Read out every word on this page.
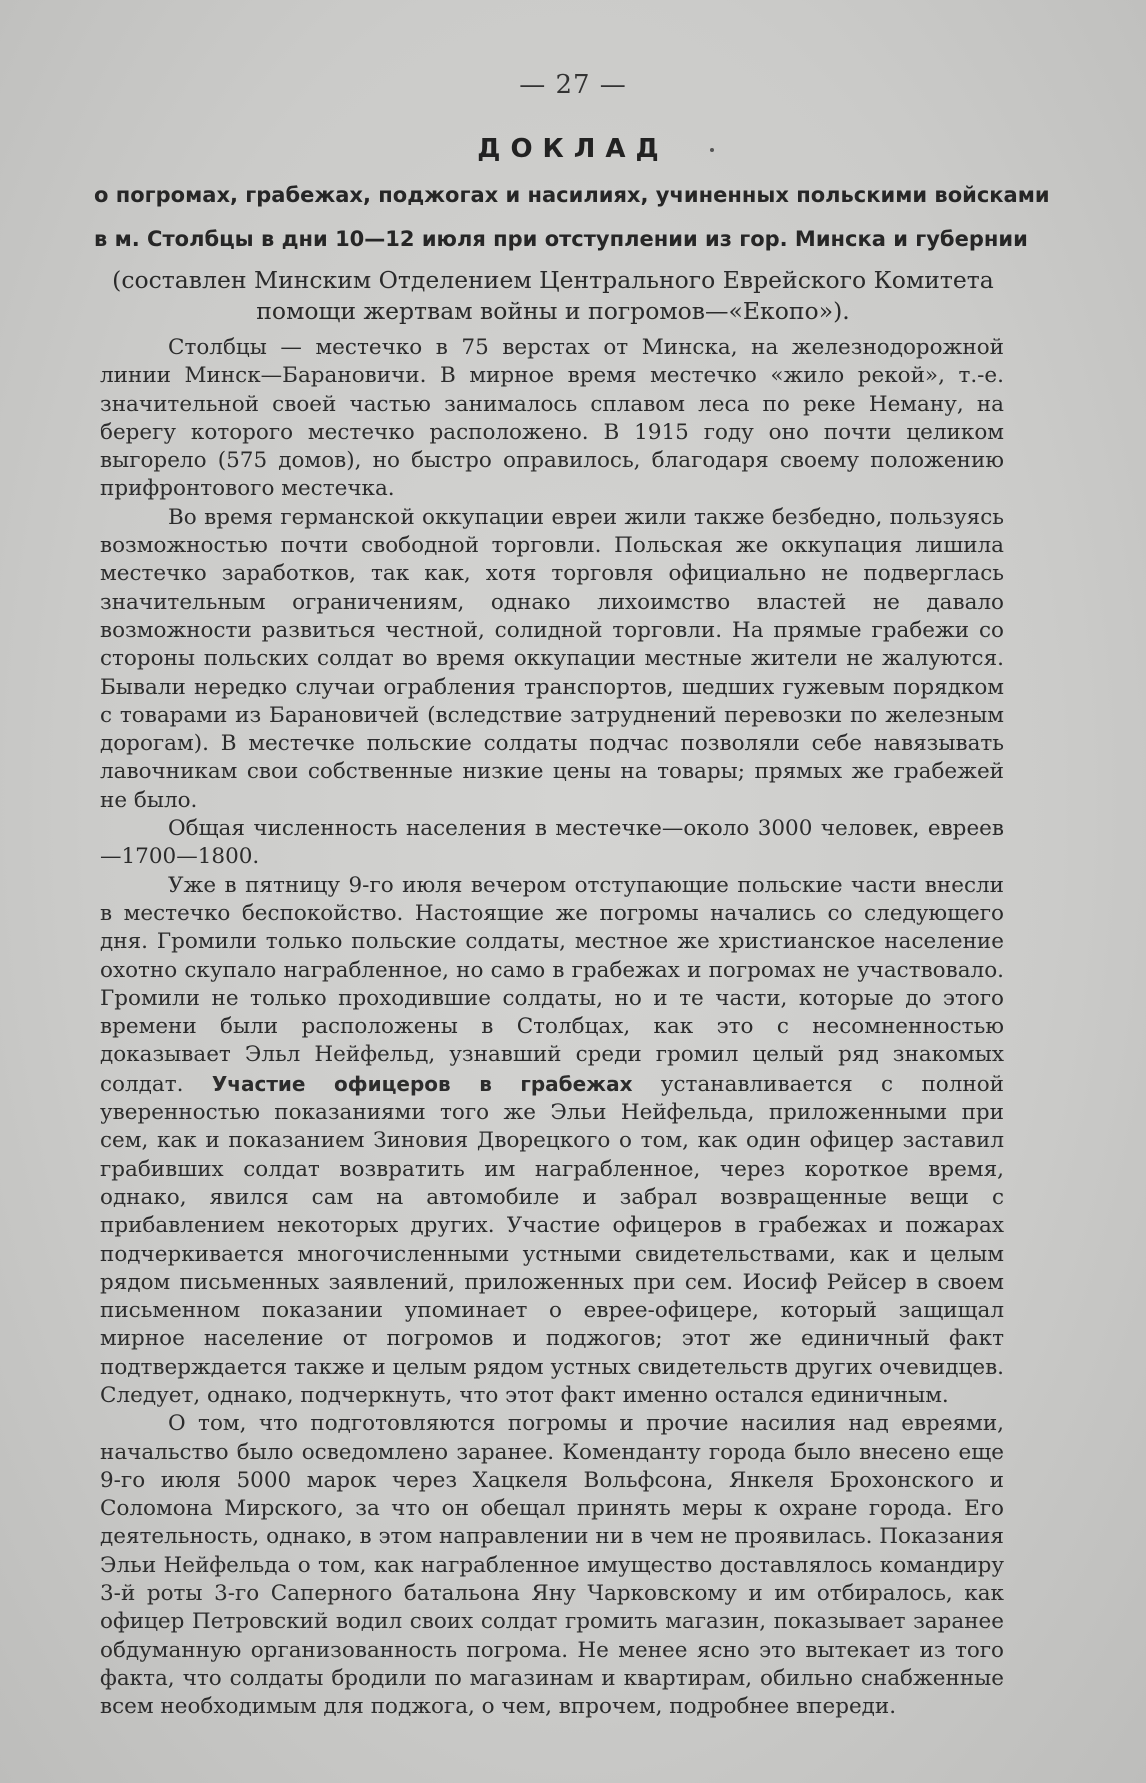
— 27 —
ДОКЛАД
о погромах, грабежах, поджогах и насилиях, учиненных польскими войсками
в м. Столбцы в дни 10—12 июля при отступлении из гор. Минска и губернии
(составлен Минским Отделением Центрального Еврейского Комитета помощи жертвам войны и погромов—«Екопо»).

Столбцы — местечко в 75 верстах от Минска, на железнодорожной линии Минск—Барановичи. В мирное время местечко «жило рекой», т.-е. значительной своей частью занималось сплавом леса по реке Неману, на берегу которого местечко расположено. В 1915 году оно почти целиком выгорело (575 домов), но быстро оправилось, благодаря своему положению прифронтового местечка.

Во время германской оккупации евреи жили также безбедно, пользуясь возможностью почти свободной торговли. Польская же оккупация лишила местечко заработков, так как, хотя торговля официально не подверглась значительным ограничениям, однако лихоимство властей не давало возможности развиться честной, солидной торговли. На прямые грабежи со стороны польских солдат во время оккупации местные жители не жалуются. Бывали нередко случаи ограбления транспортов, шедших гужевым порядком с товарами из Барановичей (вследствие затруднений перевозки по железным дорогам). В местечке польские солдаты подчас позволяли себе навязывать лавочникам свои собственные низкие цены на товары; прямых же грабежей не было.

Общая численность населения в местечке—около 3000 человек, евреев—1700—1800.

Уже в пятницу 9-го июля вечером отступающие польские части внесли в местечко беспокойство. Настоящие же погромы начались со следующего дня. Громили только польские солдаты, местное же христианское население охотно скупало награбленное, но само в грабежах и погромах не участвовало. Громили не только проходившие солдаты, но и те части, которые до этого времени были расположены в Столбцах, как это с несомненностью доказывает Эльл Нейфельд, узнавший среди громил целый ряд знакомых солдат. Участие офицеров в грабежах устанавливается с полной уверенностью показаниями того же Эльи Нейфельда, приложенными при сем, как и показанием Зиновия Дворецкого о том, как один офицер заставил грабивших солдат возвратить им награбленное, через короткое время, однако, явился сам на автомобиле и забрал возвращенные вещи с прибавлением некоторых других. Участие офицеров в грабежах и пожарах подчеркивается многочисленными устными свидетельствами, как и целым рядом письменных заявлений, приложенных при сем. Иосиф Рейсер в своем письменном показании упоминает о еврее-офицере, который защищал мирное население от погромов и поджогов; этот же единичный факт подтверждается также и целым рядом устных свидетельств других очевидцев. Следует, однако, подчеркнуть, что этот факт именно остался единичным.

О том, что подготовляются погромы и прочие насилия над евреями, начальство было осведомлено заранее. Коменданту города было внесено еще 9-го июля 5000 марок через Хацкеля Вольфсона, Янкеля Брохонского и Соломона Мирского, за что он обещал принять меры к охране города. Его деятельность, однако, в этом направлении ни в чем не проявилась. Показания Эльи Нейфельда о том, как награбленное имущество доставлялось командиру 3-й роты 3-го Саперного батальона Яну Чарковскому и им отбиралось, как офицер Петровский водил своих солдат громить магазин, показывает заранее обдуманную организованность погрома. Не менее ясно это вытекает из того факта, что солдаты бродили по магазинам и квартирам, обильно снабженные всем необходимым для поджога, о чем, впрочем, подробнее впереди.
